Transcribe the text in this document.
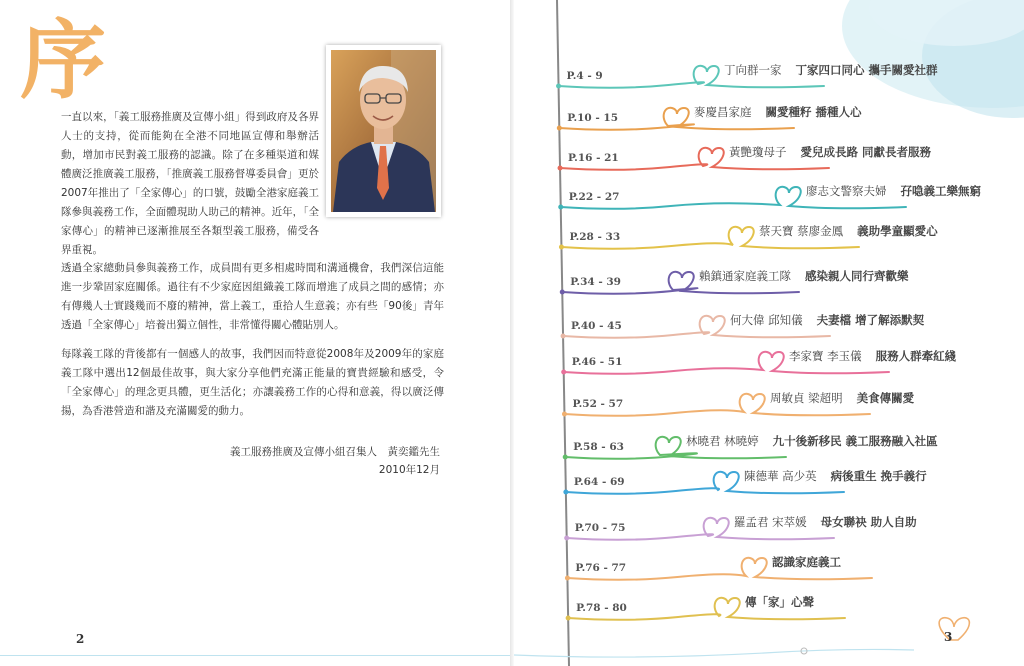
序

一直以來，「義工服務推廣及宣傳小組」得到政府及各界人士的支持，從而能夠在全港不同地區宣傳和舉辦活動，增加市民對義工服務的認識。除了在多種渠道和媒體廣泛推廣義工服務，「推廣義工服務督導委員會」更於2007年推出了「全家傳心」的口號，鼓勵全港家庭義工隊參與義務工作，全面體現助人助己的精神。近年，「全家傳心」的精神已逐漸推展至各類型義工服務，備受各界重視。

透過全家總動員參與義務工作，成員間有更多相處時間和溝通機會，我們深信這能進一步鞏固家庭關係。過往有不少家庭因組織義工隊而增進了成員之間的感情；亦有傳幾人士實踐幾而不廢的精神，當上義工，重拾人生意義；亦有些「90後」青年透過「全家傳心」培養出獨立個性，非常懂得關心體貼別人。

每隊義工隊的背後都有一個感人的故事，我們因而特意從2008年及2009年的家庭義工隊中選出12個最佳故事，與大家分享他們充滿正能量的寶貴經驗和感受，令「全家傳心」的理念更具體，更生活化；亦讓義務工作的心得和意義，得以廣泛傳揚，為香港營造和諧及充滿關愛的動力。

義工服務推廣及宣傳小組召集人　黃奕鑑先生
2010年12月
2
P.4 - 9	丁向群一家 丁家四口同心 攜手關愛社群
P.10 - 15	麥慶昌家庭 關愛種籽 播種人心
P.16 - 21	黃艷瓊母子 愛兒成長路 同獻長者服務
P.22 - 27	廖志文警察夫婦 孖喼義工樂無窮
P.28 - 33	蔡天寶 蔡廖金鳳 義助學童顯愛心
P.34 - 39	賴鎮通家庭義工隊 感染親人同行齊歡樂
P.40 - 45	何大偉 邱知儀 夫妻檔 增了解添默契
P.46 - 51	李家寶 李玉儀 服務人群牽紅綫
P.52 - 57	周敏貞 梁超明 美食傳關愛
P.58 - 63	林曉君 林曉婷 九十後新移民 義工服務融入社區
P.64 - 69	陳德華 高少英 病後重生 挽手義行
P.70 - 75	羅孟君 宋萃媛 母女聯袂 助人自助
P.76 - 77	認識家庭義工
P.78 - 80	傳「家」心聲
3
